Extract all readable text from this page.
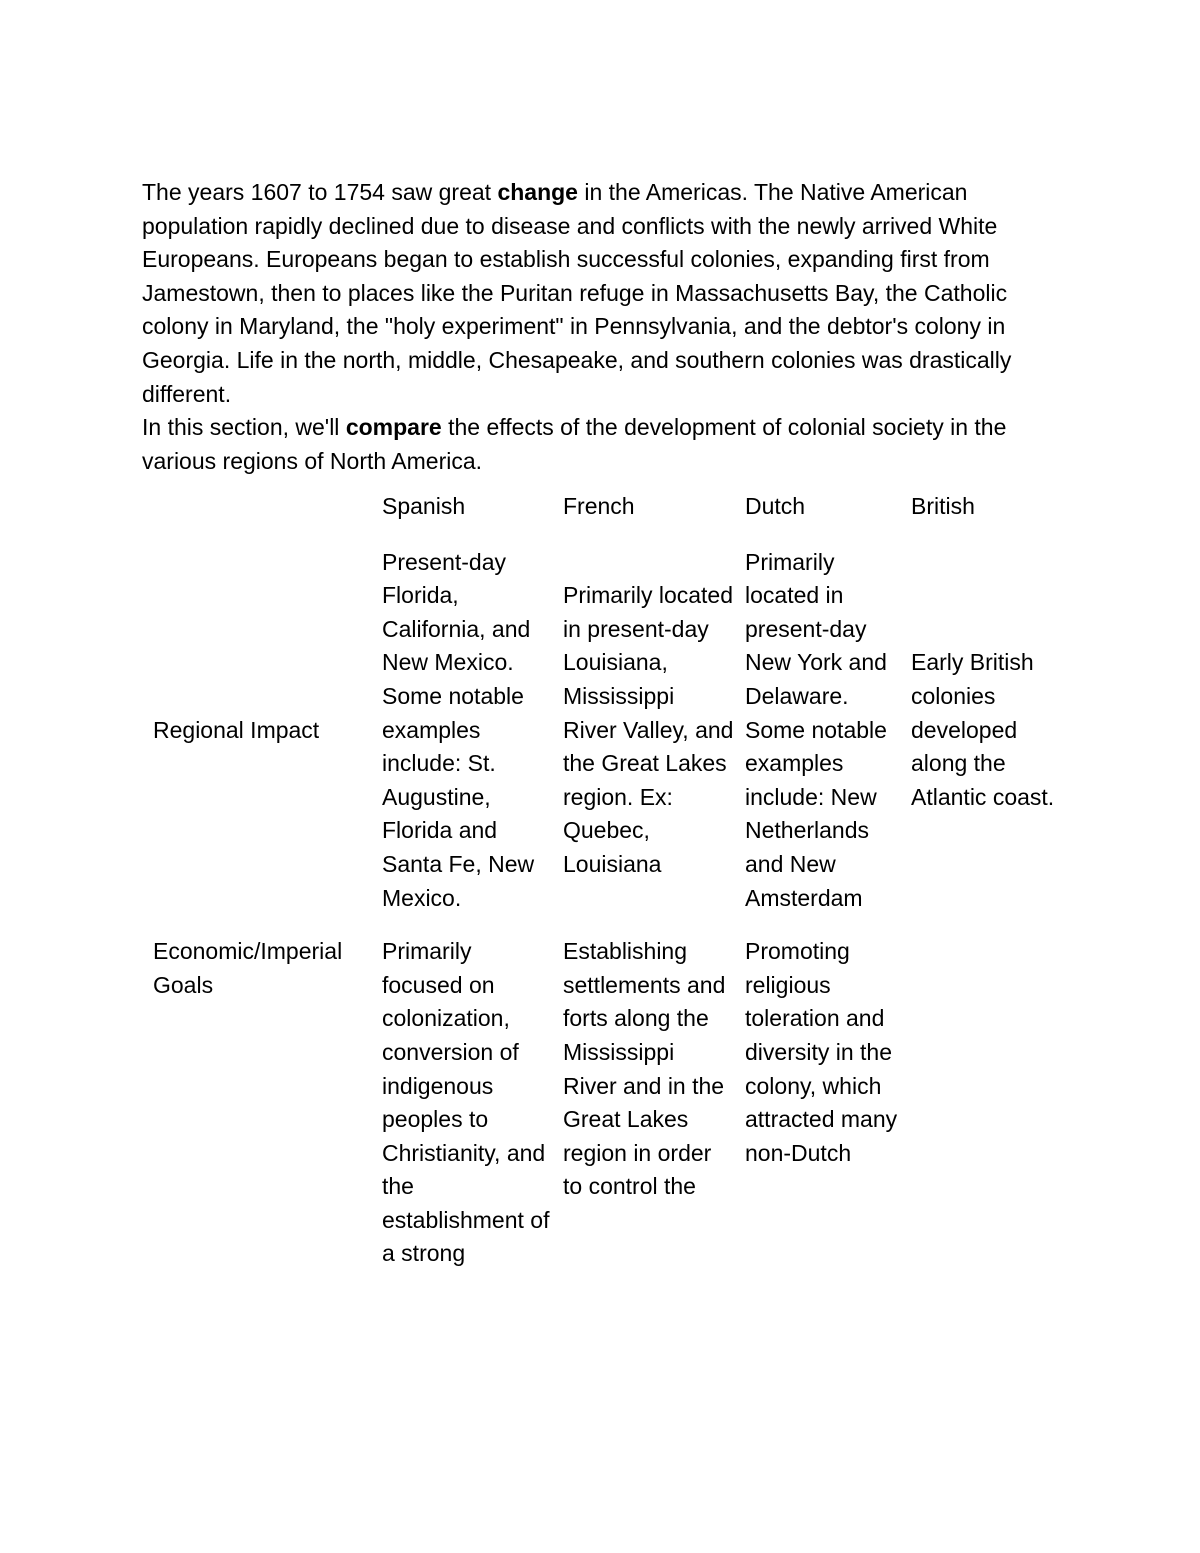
The years 1607 to 1754 saw great change in the Americas. The Native American population rapidly declined due to disease and conflicts with the newly arrived White Europeans. Europeans began to establish successful colonies, expanding first from Jamestown, then to places like the Puritan refuge in Massachusetts Bay, the Catholic colony in Maryland, the "holy experiment" in Pennsylvania, and the debtor's colony in Georgia. Life in the north, middle, Chesapeake, and southern colonies was drastically different.

In this section, we'll compare the effects of the development of colonial society in the various regions of North America.

	Spanish	French	Dutch	British
Regional Impact	Present-day Florida, California, and New Mexico. Some notable examples include: St. Augustine, Florida and Santa Fe, New Mexico.	Primarily located in present-day Louisiana, Mississippi River Valley, and the Great Lakes region. Ex: Quebec, Louisiana	Primarily located in present-day New York and Delaware. Some notable examples include: New Netherlands and New Amsterdam	Early British colonies developed along the Atlantic coast.
Economic/Imperial Goals	Primarily focused on colonization, conversion of indigenous peoples to Christianity, and the establishment of a strong	Establishing settlements and forts along the Mississippi River and in the Great Lakes region in order to control the	Promoting religious toleration and diversity in the colony, which attracted many non-Dutch	
